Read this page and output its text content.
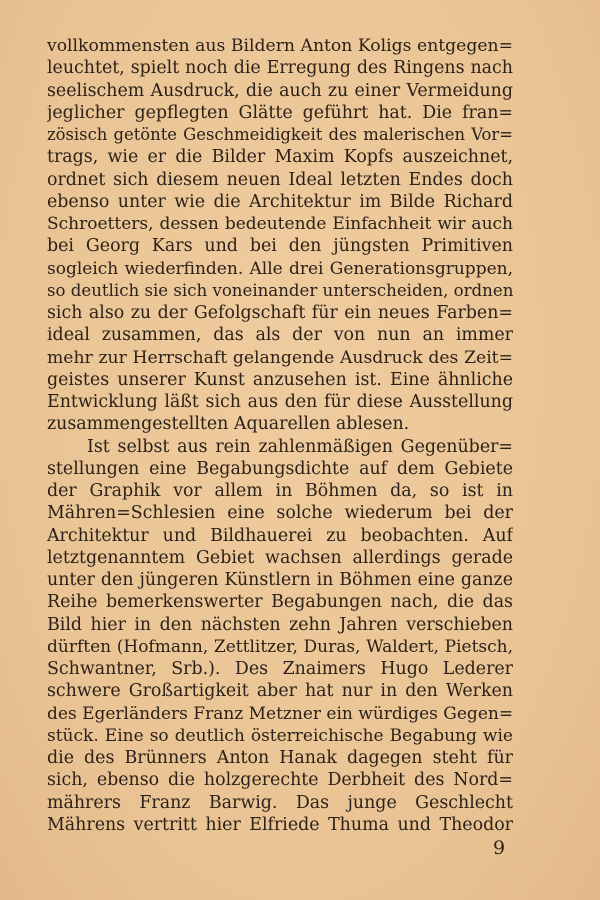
vollkommensten aus Bildern Anton Koligs entgegen=
leuchtet, spielt noch die Erregung des Ringens nach
seelischem Ausdruck, die auch zu einer Vermeidung
jeglicher gepflegten Glätte geführt hat. Die fran=
zösisch getönte Geschmeidigkeit des malerischen Vor=
trags, wie er die Bilder Maxim Kopfs auszeichnet,
ordnet sich diesem neuen Ideal letzten Endes doch
ebenso unter wie die Architektur im Bilde Richard
Schroetters, dessen bedeutende Einfachheit wir auch
bei Georg Kars und bei den jüngsten Primitiven
sogleich wiederfinden. Alle drei Generationsgruppen,
so deutlich sie sich voneinander unterscheiden, ordnen
sich also zu der Gefolgschaft für ein neues Farben=
ideal zusammen, das als der von nun an immer
mehr zur Herrschaft gelangende Ausdruck des Zeit=
geistes unserer Kunst anzusehen ist. Eine ähnliche
Entwicklung läßt sich aus den für diese Ausstellung
zusammengestellten Aquarellen ablesen.
Ist selbst aus rein zahlenmäßigen Gegenüber=
stellungen eine Begabungsdichte auf dem Gebiete
der Graphik vor allem in Böhmen da, so ist in
Mähren=Schlesien eine solche wiederum bei der
Architektur und Bildhauerei zu beobachten. Auf
letztgenanntem Gebiet wachsen allerdings gerade
unter den jüngeren Künstlern in Böhmen eine ganze
Reihe bemerkenswerter Begabungen nach, die das
Bild hier in den nächsten zehn Jahren verschieben
dürften (Hofmann, Zettlitzer, Duras, Waldert, Pietsch,
Schwantner, Srb.). Des Znaimers Hugo Lederer
schwere Großartigkeit aber hat nur in den Werken
des Egerländers Franz Metzner ein würdiges Gegen=
stück. Eine so deutlich österreichische Begabung wie
die des Brünners Anton Hanak dagegen steht für
sich, ebenso die holzgerechte Derbheit des Nord=
mährers Franz Barwig. Das junge Geschlecht
Mährens vertritt hier Elfriede Thuma und Theodor
9
